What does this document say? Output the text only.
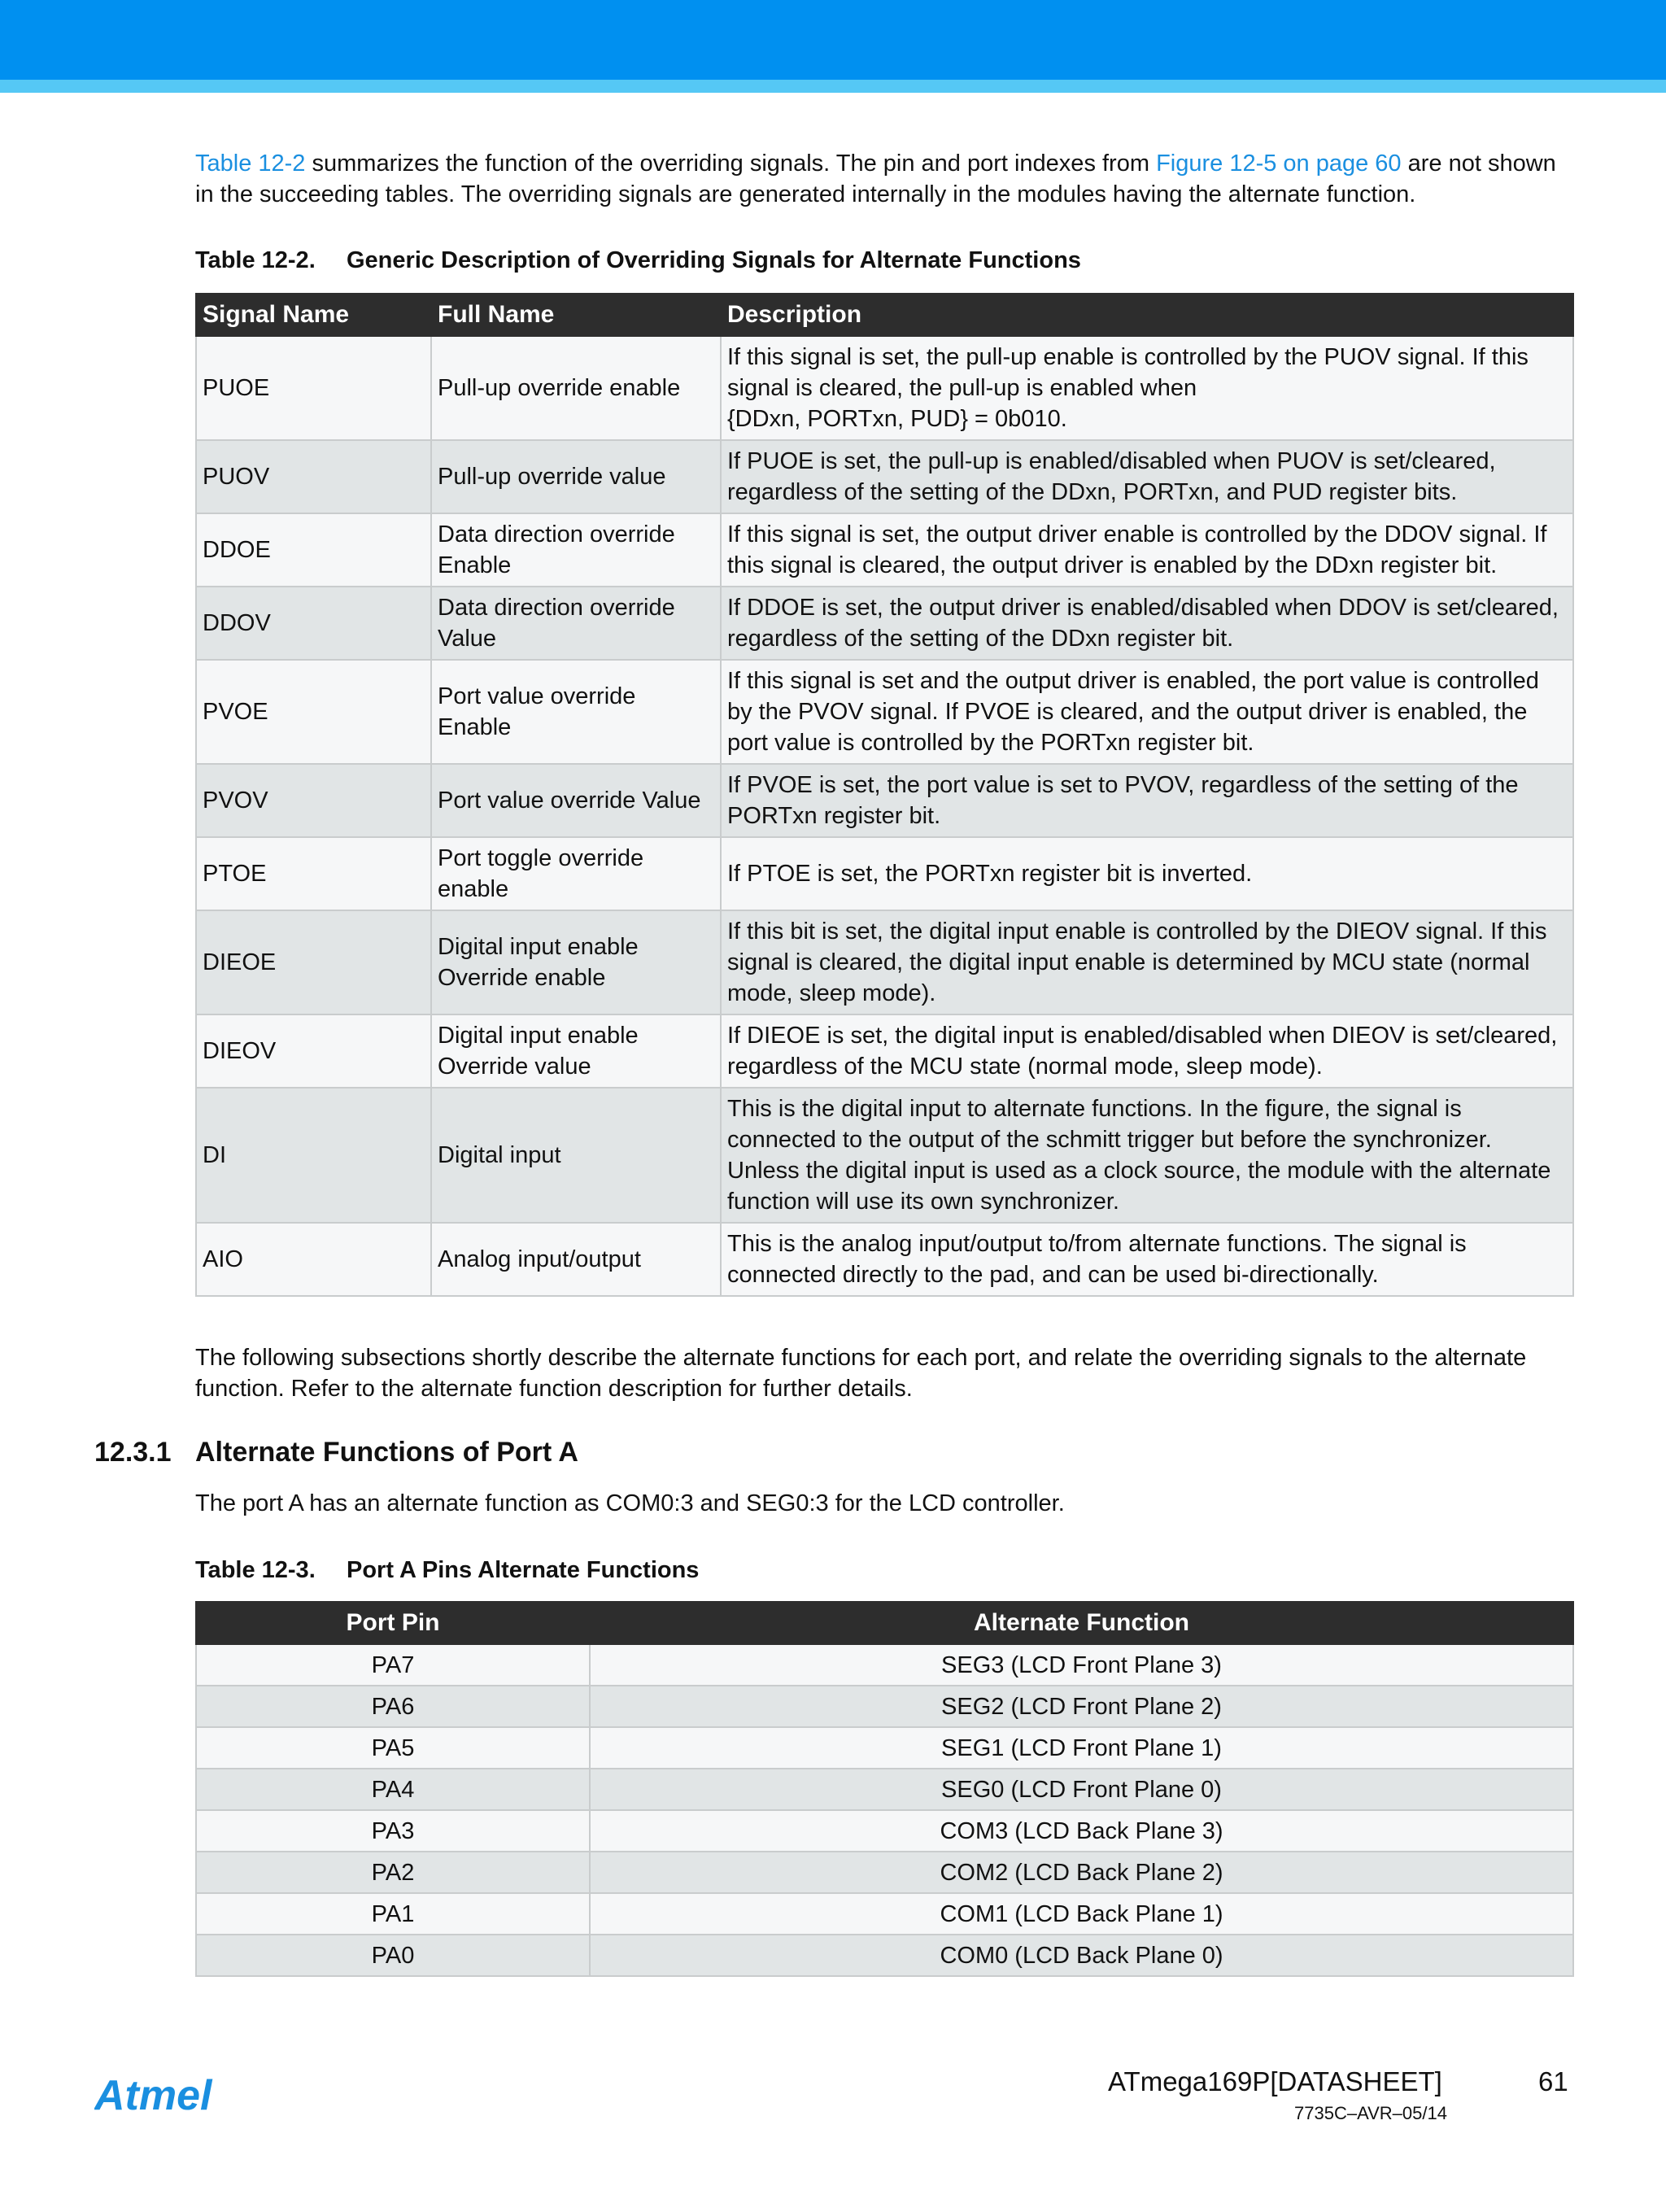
Table 12-2 summarizes the function of the overriding signals. The pin and port indexes from Figure 12-5 on page 60 are not shown in the succeeding tables. The overriding signals are generated internally in the modules having the alternate function.

Table 12-2. Generic Description of Overriding Signals for Alternate Functions
Signal Name	Full Name	Description
PUOE	Pull-up override enable	If this signal is set, the pull-up enable is controlled by the PUOV signal. If this signal is cleared, the pull-up is enabled when
{DDxn, PORTxn, PUD} = 0b010.
PUOV	Pull-up override value	If PUOE is set, the pull-up is enabled/disabled when PUOV is set/cleared, regardless of the setting of the DDxn, PORTxn, and PUD register bits.
DDOE	Data direction override Enable	If this signal is set, the output driver enable is controlled by the DDOV signal. If this signal is cleared, the output driver is enabled by the DDxn register bit.
DDOV	Data direction override Value	If DDOE is set, the output driver is enabled/disabled when DDOV is set/cleared, regardless of the setting of the DDxn register bit.
PVOE	Port value override Enable	If this signal is set and the output driver is enabled, the port value is controlled by the PVOV signal. If PVOE is cleared, and the output driver is enabled, the port value is controlled by the PORTxn register bit.
PVOV	Port value override Value	If PVOE is set, the port value is set to PVOV, regardless of the setting of the PORTxn register bit.
PTOE	Port toggle override enable	If PTOE is set, the PORTxn register bit is inverted.
DIEOE	Digital input enable Override enable	If this bit is set, the digital input enable is controlled by the DIEOV signal. If this signal is cleared, the digital input enable is determined by MCU state (normal mode, sleep mode).
DIEOV	Digital input enable Override value	If DIEOE is set, the digital input is enabled/disabled when DIEOV is set/cleared, regardless of the MCU state (normal mode, sleep mode).
DI	Digital input	This is the digital input to alternate functions. In the figure, the signal is connected to the output of the schmitt trigger but before the synchronizer. Unless the digital input is used as a clock source, the module with the alternate function will use its own synchronizer.
AIO	Analog input/output	This is the analog input/output to/from alternate functions. The signal is connected directly to the pad, and can be used bi-directionally.

The following subsections shortly describe the alternate functions for each port, and relate the overriding signals to the alternate function. Refer to the alternate function description for further details.

12.3.1 Alternate Functions of Port A

The port A has an alternate function as COM0:3 and SEG0:3 for the LCD controller.

Table 12-3. Port A Pins Alternate Functions
Port Pin	Alternate Function
PA7	SEG3 (LCD Front Plane 3)
PA6	SEG2 (LCD Front Plane 2)
PA5	SEG1 (LCD Front Plane 1)
PA4	SEG0 (LCD Front Plane 0)
PA3	COM3 (LCD Back Plane 3)
PA2	COM2 (LCD Back Plane 2)
PA1	COM1 (LCD Back Plane 1)
PA0	COM0 (LCD Back Plane 0)
Atmel	ATmega169P[DATASHEET]	61
7735C–AVR–05/14
